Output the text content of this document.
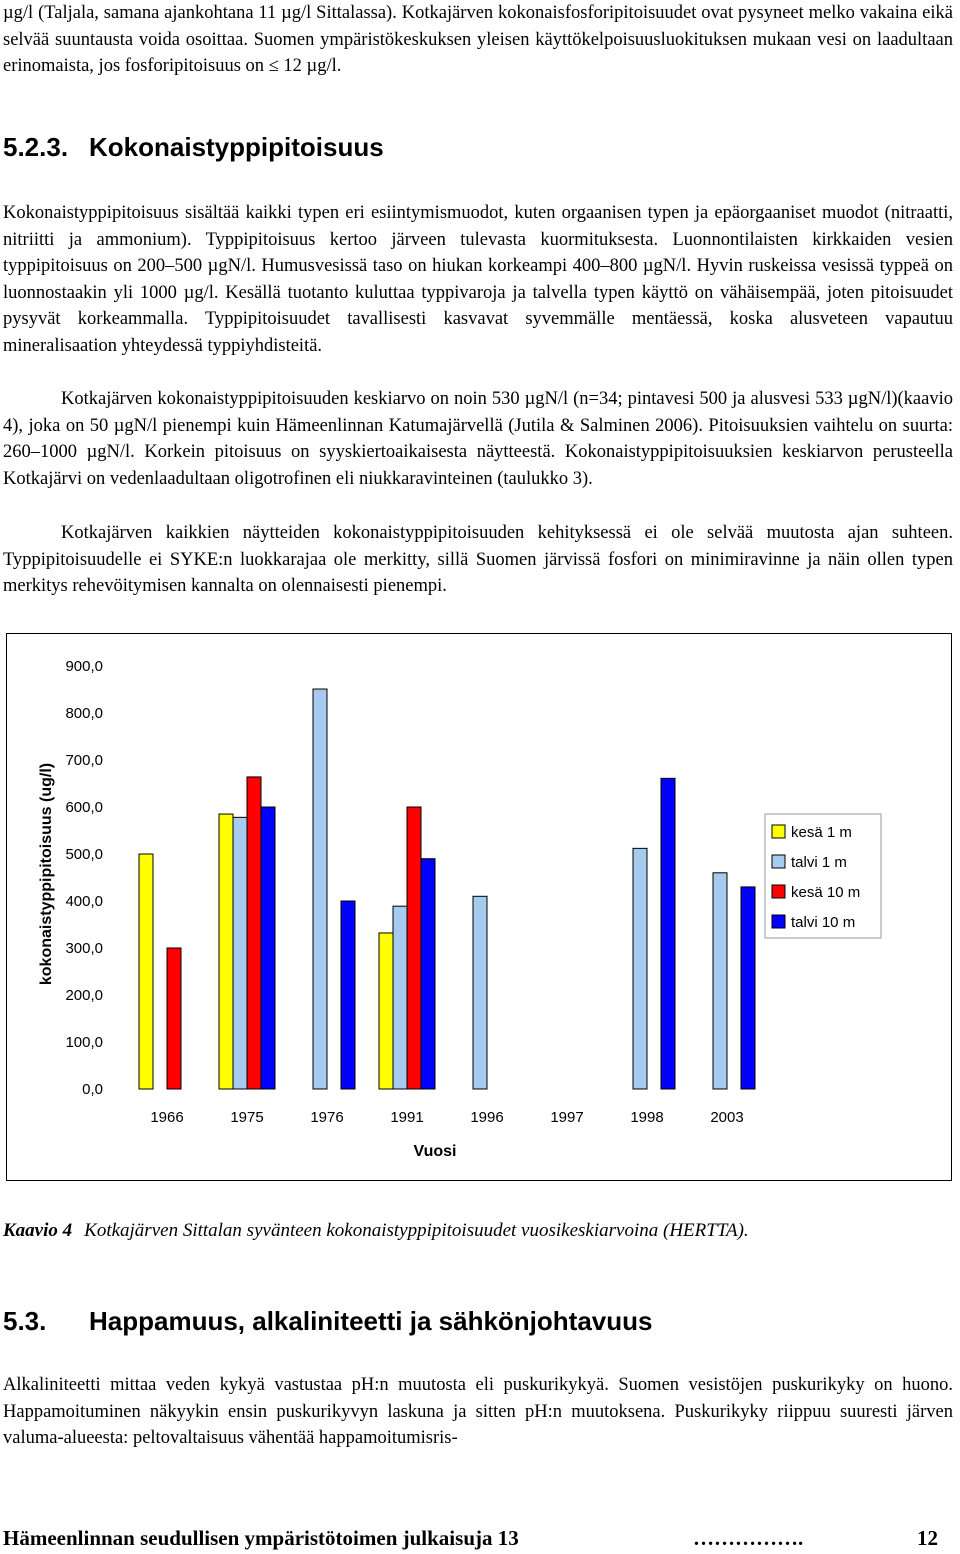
µg/l (Taljala, samana ajankohtana 11 µg/l Sittalassa). Kotkajärven kokonaisfosforipitoisuudet ovat pysyneet melko vakaina eikä selvää suuntausta voida osoittaa. Suomen ympäristökeskuksen yleisen käyttökelpoisuusluokituksen mukaan vesi on laadultaan erinomaista, jos fosforipitoisuus on ≤ 12 µg/l.

5.2.3. Kokonaistyppipitoisuus

Kokonaistyppipitoisuus sisältää kaikki typen eri esiintymismuodot, kuten orgaanisen typen ja epäorgaaniset muodot (nitraatti, nitriitti ja ammonium). Typpipitoisuus kertoo järveen tulevasta kuormituksesta. Luonnontilaisten kirkkaiden vesien typpipitoisuus on 200–500 µgN/l. Humusvesissä taso on hiukan korkeampi 400–800 µgN/l. Hyvin ruskeissa vesissä typpeä on luonnostaakin yli 1000 µg/l. Kesällä tuotanto kuluttaa typpivaroja ja talvella typen käyttö on vähäisempää, joten pitoisuudet pysyvät korkeammalla. Typpipitoisuudet tavallisesti kasvavat syvemmälle mentäessä, koska alusveteen vapautuu mineralisaation yhteydessä typpiyhdisteitä.

Kotkajärven kokonaistyppipitoisuuden keskiarvo on noin 530 µgN/l (n=34; pintavesi 500 ja alusvesi 533 µgN/l)(kaavio 4), joka on 50 µgN/l pienempi kuin Hämeenlinnan Katumajärvellä (Jutila & Salminen 2006). Pitoisuuksien vaihtelu on suurta: 260–1000 µgN/l. Korkein pitoisuus on syyskiertoaikaisesta näytteestä. Kokonaistyppipitoisuuksien keskiarvon perusteella Kotkajärvi on vedenlaadultaan oligotrofinen eli niukkaravinteinen (taulukko 3).

Kotkajärven kaikkien näytteiden kokonaistyppipitoisuuden kehityksessä ei ole selvää muutosta ajan suhteen. Typpipitoisuudelle ei SYKE:n luokkarajaa ole merkitty, sillä Suomen järvissä fosfori on minimiravinne ja näin ollen typen merkitys rehevöitymisen kannalta on olennaisesti pienempi.

kokonaistyppipitoisuus (ug/l)
0,0
100,0
200,0
300,0
400,0
500,0
600,0
700,0
800,0
900,0
1966	1975	1976	1991	1996	1997	1998	2003
Vuosi
kesä 1 m
talvi 1 m
kesä 10 m
talvi 10 m
Kaavio 4 Kotkajärven Sittalan syvänteen kokonaistyppipitoisuudet vuosikeskiarvoina (HERTTA).
5.3. Happamuus, alkaliniteetti ja sähkönjohtavuus

Alkaliniteetti mittaa veden kykyä vastustaa pH:n muutosta eli puskurikykyä. Suomen vesistöjen puskurikyky on huono. Happamoituminen näkyykin ensin puskurikyvyn laskuna ja sitten pH:n muutoksena. Puskurikyky riippuu suuresti järven valuma-alueesta: peltovaltaisuus vähentää happamoitumisris-

Hämeenlinnan seudullisen ympäristötoimen julkaisuja 13	…………….	12
